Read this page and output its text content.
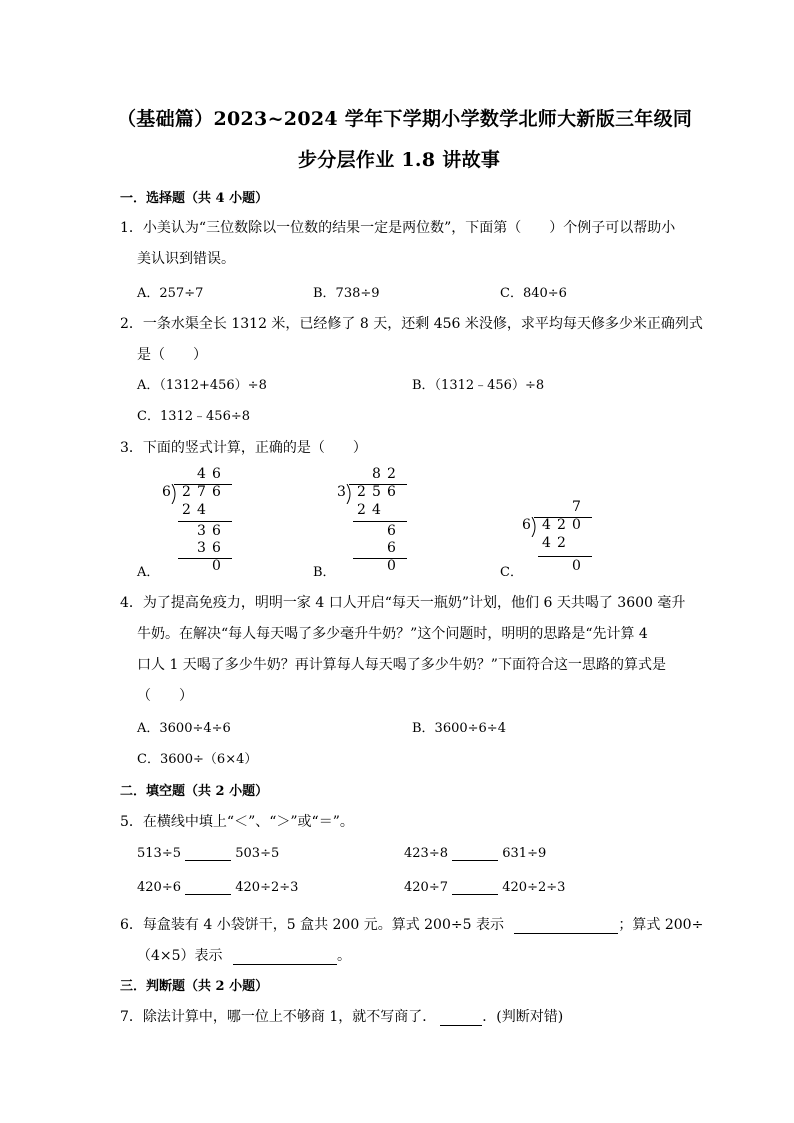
（基础篇）2023~2024 学年下学期小学数学北师大新版三年级同
步分层作业 1.8 讲故事
一．选择题（共 4 小题）
1．小美认为“三位数除以一位数的结果一定是两位数”，下面第（　　）个例子可以帮助小
美认识到错误。
A．257÷7	B．738÷9	C．840÷6
2．一条水渠全长 1312 米，已经修了 8 天，还剩 456 米没修，求平均每天修多少米正确列式
是（　　）
A．（1312+456）÷8	B．（1312﹣456）÷8
C．1312﹣456÷8
3．下面的竖式计算，正确的是（　　）
4 6
6 2 7 6
2 4
3 6
3 6
0
A．
8 2
3 2 5 6
2 4
6
6
0
B．
7
6 4 2 0
4 2
0
C．
4．为了提高免疫力，明明一家 4 口人开启“每天一瓶奶”计划，他们 6 天共喝了 3600 毫升
牛奶。在解决“每人每天喝了多少毫升牛奶？”这个问题时，明明的思路是“先计算 4
口人 1 天喝了多少牛奶？再计算每人每天喝了多少牛奶？”下面符合这一思路的算式是
（　　）
A．3600÷4÷6	B．3600÷6÷4
C．3600÷（6×4）
二．填空题（共 2 小题）
5．在横线中填上“＜”、“＞”或“＝”。
513÷5	503÷5	423÷8	631÷9
420÷6	420÷2÷3	420÷7	420÷2÷3
6．每盒装有 4 小袋饼干，5 盒共 200 元。算式 200÷5 表示	；算式 200÷
（4×5）表示	。
三．判断题（共 2 小题）
7．除法计算中，哪一位上不够商 1，就不写商了．	．(判断对错)
